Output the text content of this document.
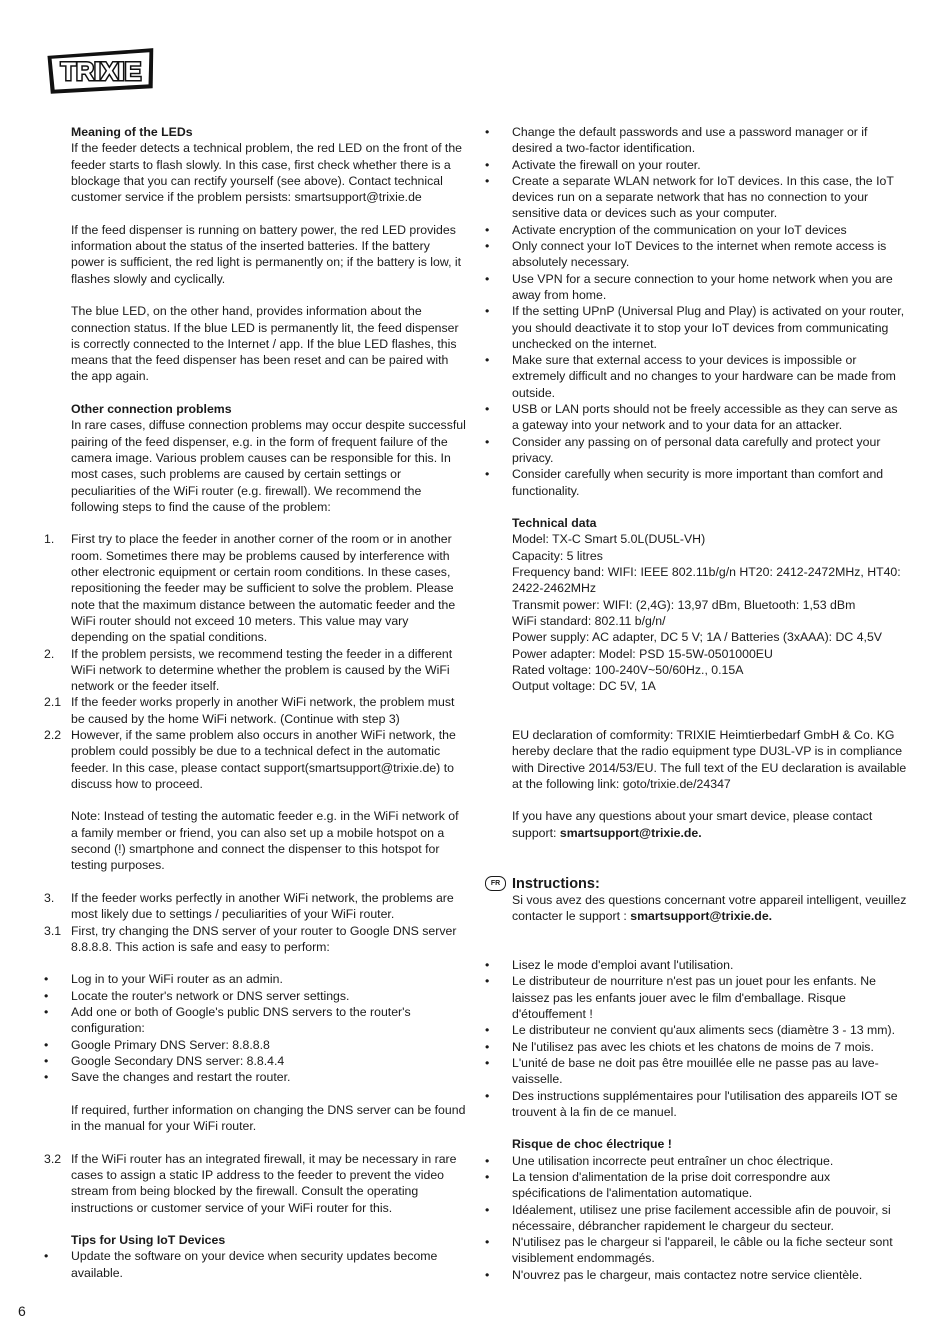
TRIXIE

Meaning of the LEDs

If the feeder detects a technical problem, the red LED on the front of the feeder starts to flash slowly. In this case, first check whether there is a blockage that you can rectify yourself (see above). Contact technical customer service if the problem persists: smartsupport@trixie.de

If the feed dispenser is running on battery power, the red LED provides information about the status of the inserted batteries. If the battery power is sufficient, the red light is permanently on; if the battery is low, it flashes slowly and cyclically.

The blue LED, on the other hand, provides information about the connection status. If the blue LED is permanently lit, the feed dispenser is correctly connected to the Internet / app. If the blue LED flashes, this means that the feed dispenser has been reset and can be paired with the app again.

Other connection problems

In rare cases, diffuse connection problems may occur despite successful pairing of the feed dispenser, e.g. in the form of frequent failure of the camera image. Various problem causes can be responsible for this. In most cases, such problems are caused by certain settings or peculiarities of the WiFi router (e.g. firewall). We recommend the following steps to find the cause of the problem:

1.	First try to place the feeder in another corner of the room or in another room. Sometimes there may be problems caused by interference with other electronic equipment or certain room conditions. In these cases, repositioning the feeder may be sufficient to solve the problem. Please note that the maximum distance between the automatic feeder and the WiFi router should not exceed 10 meters. This value may vary depending on the spatial conditions.
2.	If the problem persists, we recommend testing the feeder in a different WiFi network to determine whether the problem is caused by the WiFi network or the feeder itself.
2.1 If the feeder works properly in another WiFi network, the problem must be caused by the home WiFi network. (Continue with step 3)
2.2 However, if the same problem also occurs in another WiFi network, the problem could possibly be due to a technical defect in the automatic feeder. In this case, please contact support(smartsupport@trixie.de) to discuss how to proceed.

Note: Instead of testing the automatic feeder e.g. in the WiFi network of a family member or friend, you can also set up a mobile hotspot on a second (!) smartphone and connect the dispenser to this hotspot for testing purposes.

3.	If the feeder works perfectly in another WiFi network, the problems are most likely due to settings / peculiarities of your WiFi router.
3.1 First, try changing the DNS server of your router to Google DNS server 8.8.8.8. This action is safe and easy to perform:
•	Log in to your WiFi router as an admin.
•	Locate the router's network or DNS server settings.
•	Add one or both of Google's public DNS servers to the router's configuration:
•	Google Primary DNS Server: 8.8.8.8
•	Google Secondary DNS server: 8.8.4.4
•	Save the changes and restart the router.

If required, further information on changing the DNS server can be found in the manual for your WiFi router.

3.2 If the WiFi router has an integrated firewall, it may be necessary in rare cases to assign a static IP address to the feeder to prevent the video stream from being blocked by the firewall. Consult the operating instructions or customer service of your WiFi router for this.

Tips for Using IoT Devices

•	Update the software on your device when security updates become available.
•	Change the default passwords and use a password manager or if desired a two-factor identification.
•	Activate the firewall on your router.
•	Create a separate WLAN network for IoT devices. In this case, the IoT devices run on a separate network that has no connection to your sensitive data or devices such as your computer.
•	Activate encryption of the communication on your IoT devices
•	Only connect your IoT Devices to the internet when remote access is absolutely necessary.
•	Use VPN for a secure connection to your home network when you are away from home.
•	If the setting UPnP (Universal Plug and Play) is activated on your router, you should deactivate it to stop your IoT devices from communicating unchecked on the internet.
•	Make sure that external access to your devices is impossible or extremely difficult and no changes to your hardware can be made from outside.
•	USB or LAN ports should not be freely accessible as they can serve as a gateway into your network and to your data for an attacker.
•	Consider any passing on of personal data carefully and protect your privacy.
•	Consider carefully when security is more important than comfort and functionality.

Technical data

Model: TX-C Smart 5.0L(DU5L-VH)
Capacity: 5 litres
Frequency band: WIFI: IEEE 802.11b/g/n HT20: 2412-2472MHz, HT40: 2422-2462MHz
Transmit power: WIFI: (2,4G): 13,97 dBm, Bluetooth: 1,53 dBm
WiFi standard: 802.11 b/g/n/
Power supply: AC adapter, DC 5 V; 1A / Batteries (3xAAA): DC 4,5V
Power adapter: Model: PSD 15-5W-0501000EU
Rated voltage: 100-240V~50/60Hz., 0.15A
Output voltage: DC 5V, 1A

EU declaration of comformity: TRIXIE Heimtierbedarf GmbH & Co. KG hereby declare that the radio equipment type DU3L-VP is in compliance with Directive 2014/53/EU. The full text of the EU declaration is available at the following link: goto/trixie.de/24347

If you have any questions about your smart device, please contact support: smartsupport@trixie.de.

FR Instructions:

Si vous avez des questions concernant votre appareil intelligent, veuillez contacter le support : smartsupport@trixie.de.

•	Lisez le mode d'emploi avant l'utilisation.
•	Le distributeur de nourriture n'est pas un jouet pour les enfants. Ne laissez pas les enfants jouer avec le film d'emballage. Risque d'étouffement !
•	Le distributeur ne convient qu'aux aliments secs (diamètre 3 - 13 mm).
•	Ne l'utilisez pas avec les chiots et les chatons de moins de 7 mois.
•	L'unité de base ne doit pas être mouillée elle ne passe pas au lave-vaisselle.
•	Des instructions supplémentaires pour l'utilisation des appareils IOT se trouvent à la fin de ce manuel.

Risque de choc électrique !

•	Une utilisation incorrecte peut entraîner un choc électrique.
•	La tension d'alimentation de la prise doit correspondre aux spécifications de l'alimentation automatique.
•	Idéalement, utilisez une prise facilement accessible afin de pouvoir, si nécessaire, débrancher rapidement le chargeur du secteur.
•	N'utilisez pas le chargeur si l'appareil, le câble ou la fiche secteur sont visiblement endommagés.
•	N'ouvrez pas le chargeur, mais contactez notre service clientèle.
6
